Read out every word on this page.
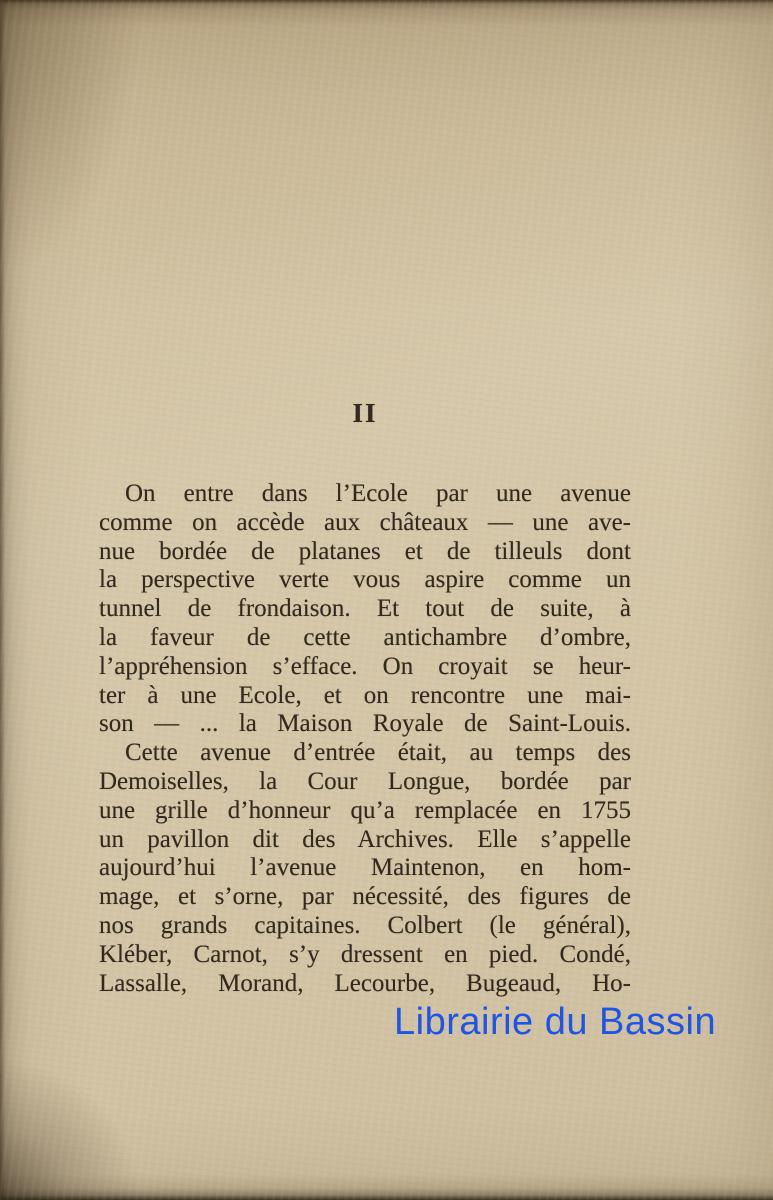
II
On entre dans l’Ecole par une avenue
comme on accède aux châteaux — une ave-
nue bordée de platanes et de tilleuls dont
la perspective verte vous aspire comme un
tunnel de frondaison. Et tout de suite, à
la faveur de cette antichambre d’ombre,
l’appréhension s’efface. On croyait se heur-
ter à une Ecole, et on rencontre une mai-
son — ... la Maison Royale de Saint-Louis.
Cette avenue d’entrée était, au temps des
Demoiselles, la Cour Longue, bordée par
une grille d’honneur qu’a remplacée en 1755
un pavillon dit des Archives. Elle s’appelle
aujourd’hui l’avenue Maintenon, en hom-
mage, et s’orne, par nécessité, des figures de
nos grands capitaines. Colbert (le général),
Kléber, Carnot, s’y dressent en pied. Condé,
Lassalle, Morand, Lecourbe, Bugeaud, Ho-
Librairie du Bassin
